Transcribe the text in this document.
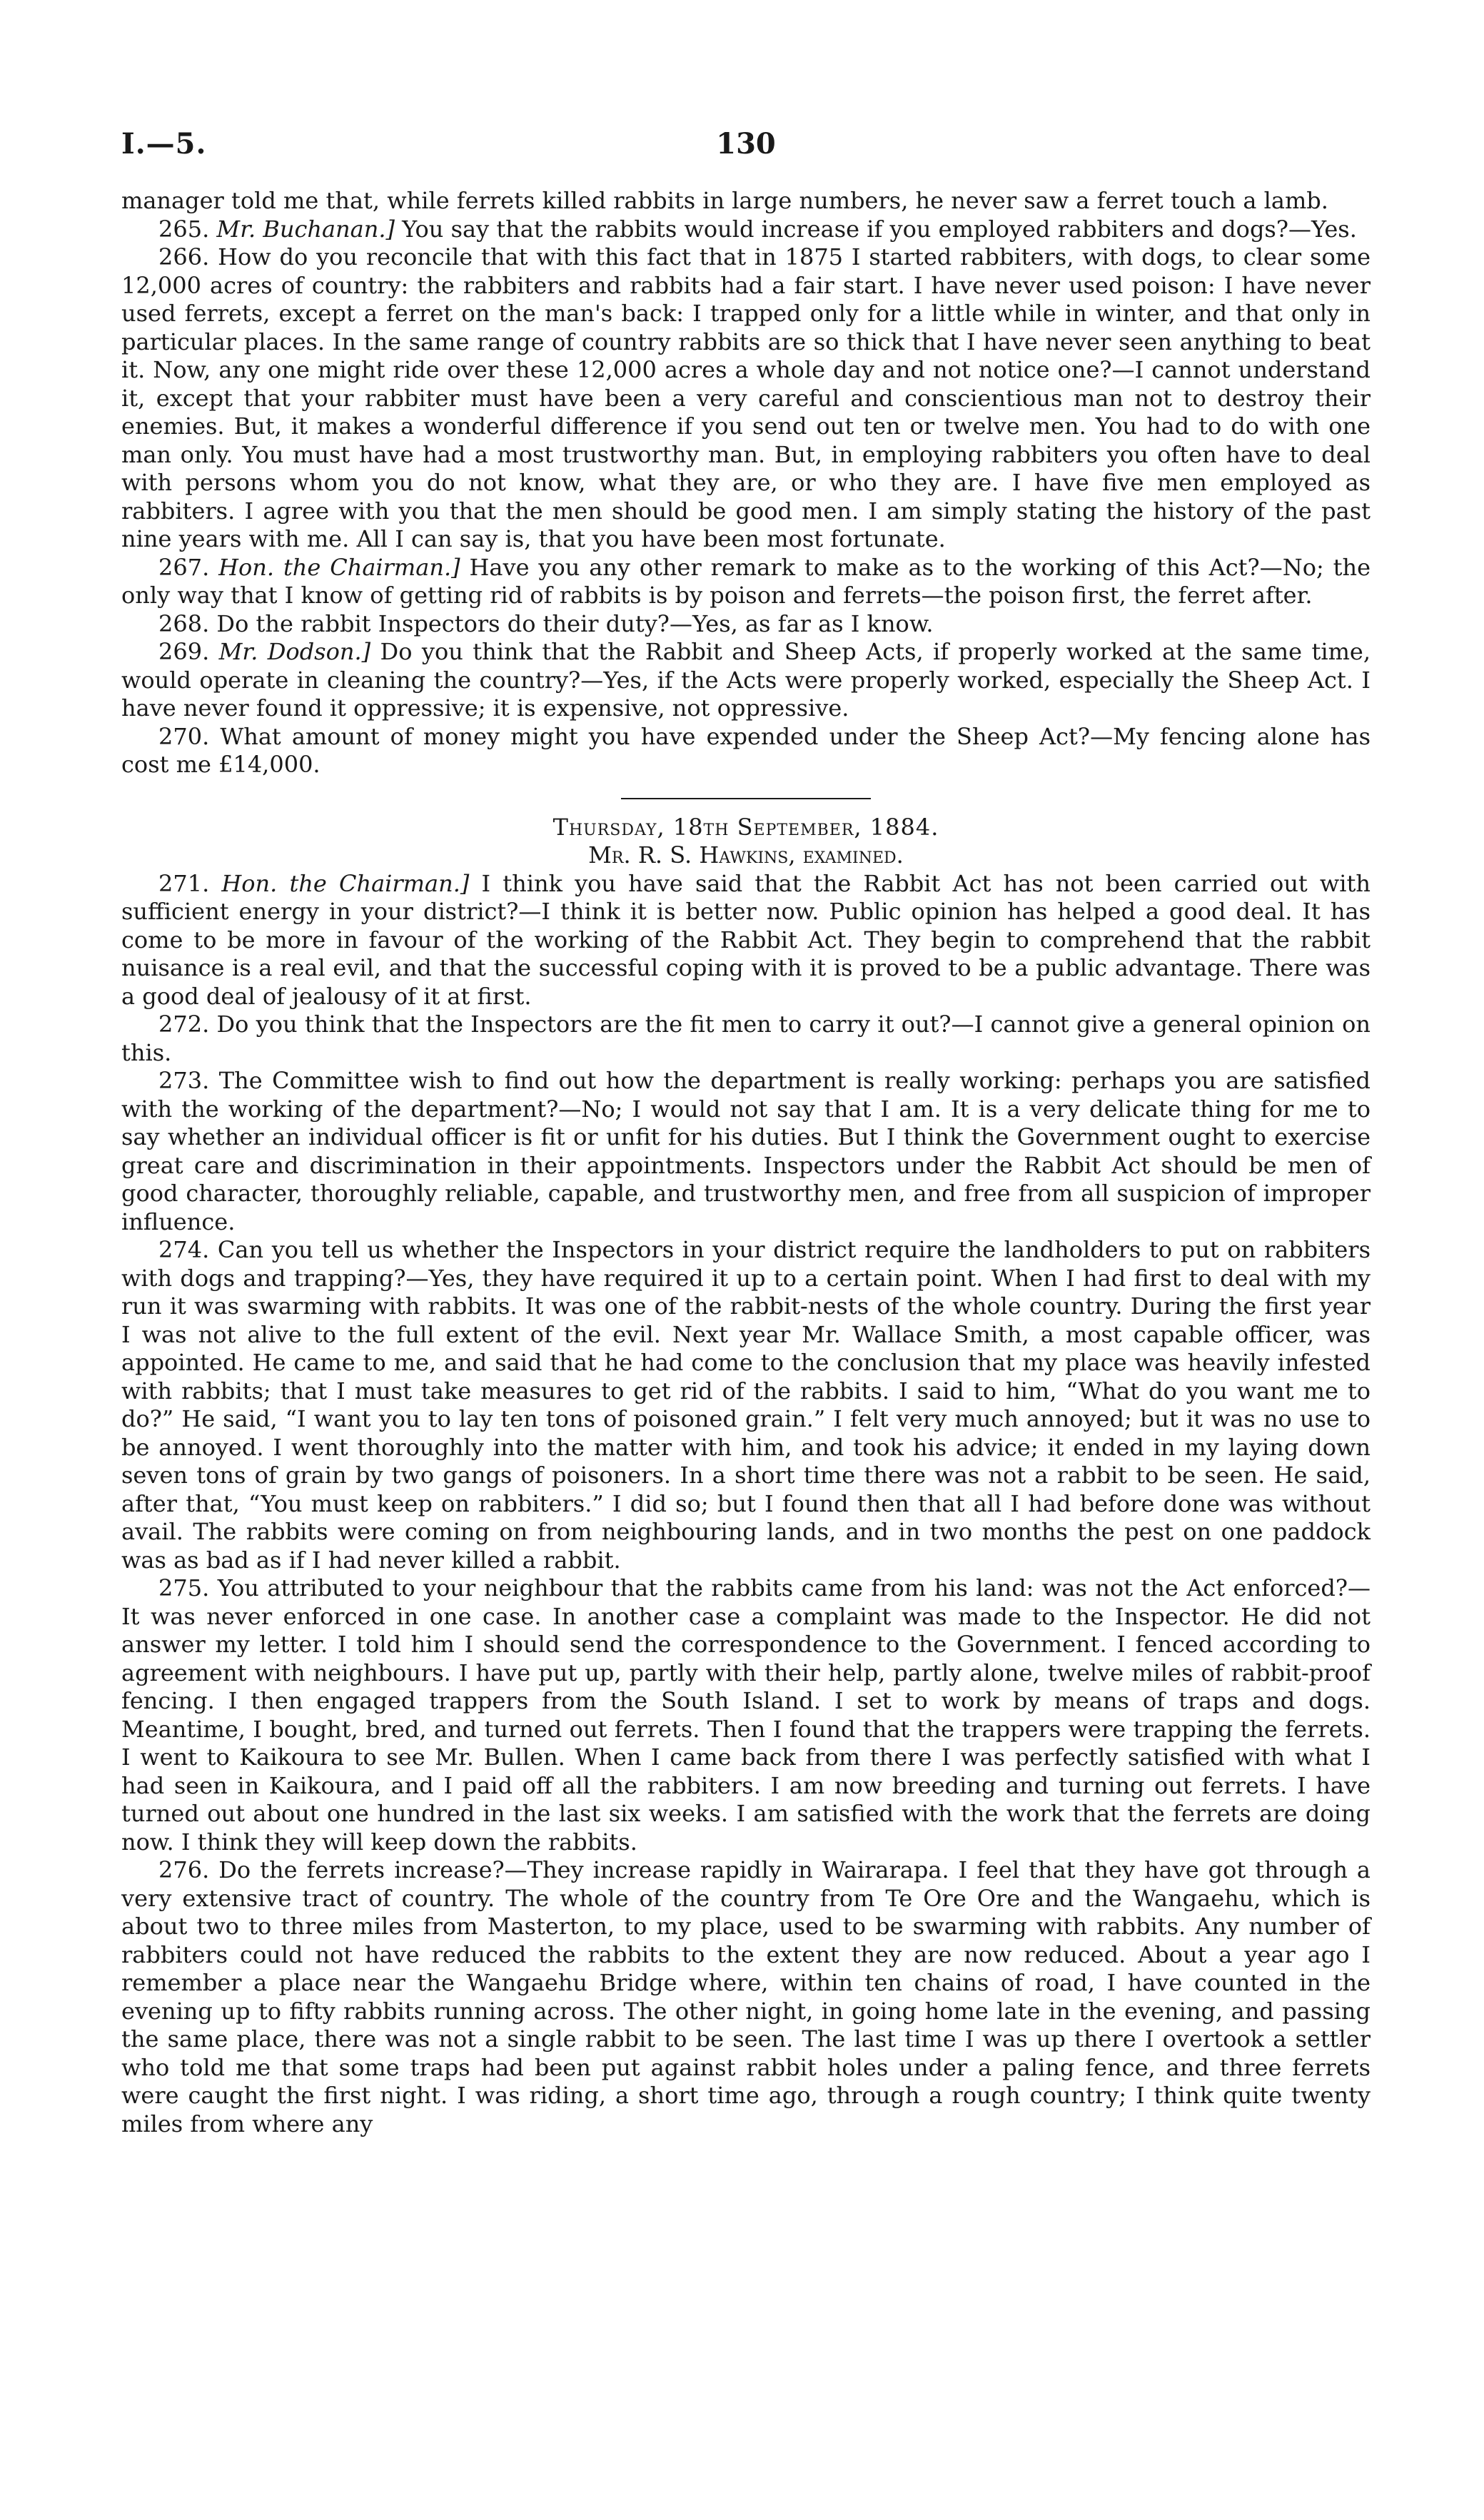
I.—5.	130

manager told me that, while ferrets killed rabbits in large numbers, he never saw a ferret touch a lamb.

265. Mr. Buchanan.] You say that the rabbits would increase if you employed rabbiters and dogs?—Yes.

266. How do you reconcile that with this fact that in 1875 I started rabbiters, with dogs, to clear some 12,000 acres of country: the rabbiters and rabbits had a fair start. I have never used poison: I have never used ferrets, except a ferret on the man's back: I trapped only for a little while in winter, and that only in particular places. In the same range of country rabbits are so thick that I have never seen anything to beat it. Now, any one might ride over these 12,000 acres a whole day and not notice one?—I cannot understand it, except that your rabbiter must have been a very careful and conscientious man not to destroy their enemies. But, it makes a wonderful difference if you send out ten or twelve men. You had to do with one man only. You must have had a most trustworthy man. But, in employing rabbiters you often have to deal with persons whom you do not know, what they are, or who they are. I have five men employed as rabbiters. I agree with you that the men should be good men. I am simply stating the history of the past nine years with me. All I can say is, that you have been most fortunate.

267. Hon. the Chairman.] Have you any other remark to make as to the working of this Act?—No; the only way that I know of getting rid of rabbits is by poison and ferrets—the poison first, the ferret after.

268. Do the rabbit Inspectors do their duty?—Yes, as far as I know.

269. Mr. Dodson.] Do you think that the Rabbit and Sheep Acts, if properly worked at the same time, would operate in cleaning the country?—Yes, if the Acts were properly worked, especially the Sheep Act. I have never found it oppressive; it is expensive, not oppressive.

270. What amount of money might you have expended under the Sheep Act?—My fencing alone has cost me £14,000.

Thursday, 18th September, 1884.

Mr. R. S. Hawkins, examined.

271. Hon. the Chairman.] I think you have said that the Rabbit Act has not been carried out with sufficient energy in your district?—I think it is better now. Public opinion has helped a good deal. It has come to be more in favour of the working of the Rabbit Act. They begin to comprehend that the rabbit nuisance is a real evil, and that the successful coping with it is proved to be a public advantage. There was a good deal of jealousy of it at first.

272. Do you think that the Inspectors are the fit men to carry it out?—I cannot give a general opinion on this.

273. The Committee wish to find out how the department is really working: perhaps you are satisfied with the working of the department?—No; I would not say that I am. It is a very delicate thing for me to say whether an individual officer is fit or unfit for his duties. But I think the Government ought to exercise great care and discrimination in their appointments. Inspectors under the Rabbit Act should be men of good character, thoroughly reliable, capable, and trustworthy men, and free from all suspicion of improper influence.

274. Can you tell us whether the Inspectors in your district require the landholders to put on rabbiters with dogs and trapping?—Yes, they have required it up to a certain point. When I had first to deal with my run it was swarming with rabbits. It was one of the rabbit-nests of the whole country. During the first year I was not alive to the full extent of the evil. Next year Mr. Wallace Smith, a most capable officer, was appointed. He came to me, and said that he had come to the conclusion that my place was heavily infested with rabbits; that I must take measures to get rid of the rabbits. I said to him, “What do you want me to do?” He said, “I want you to lay ten tons of poisoned grain.” I felt very much annoyed; but it was no use to be annoyed. I went thoroughly into the matter with him, and took his advice; it ended in my laying down seven tons of grain by two gangs of poisoners. In a short time there was not a rabbit to be seen. He said, after that, “You must keep on rabbiters.” I did so; but I found then that all I had before done was without avail. The rabbits were coming on from neighbouring lands, and in two months the pest on one paddock was as bad as if I had never killed a rabbit.

275. You attributed to your neighbour that the rabbits came from his land: was not the Act enforced?—It was never enforced in one case. In another case a complaint was made to the Inspector. He did not answer my letter. I told him I should send the correspondence to the Government. I fenced according to agreement with neighbours. I have put up, partly with their help, partly alone, twelve miles of rabbit-proof fencing. I then engaged trappers from the South Island. I set to work by means of traps and dogs. Meantime, I bought, bred, and turned out ferrets. Then I found that the trappers were trapping the ferrets. I went to Kaikoura to see Mr. Bullen. When I came back from there I was perfectly satisfied with what I had seen in Kaikoura, and I paid off all the rabbiters. I am now breeding and turning out ferrets. I have turned out about one hundred in the last six weeks. I am satisfied with the work that the ferrets are doing now. I think they will keep down the rabbits.

276. Do the ferrets increase?—They increase rapidly in Wairarapa. I feel that they have got through a very extensive tract of country. The whole of the country from Te Ore Ore and the Wangaehu, which is about two to three miles from Masterton, to my place, used to be swarming with rabbits. Any number of rabbiters could not have reduced the rabbits to the extent they are now reduced. About a year ago I remember a place near the Wangaehu Bridge where, within ten chains of road, I have counted in the evening up to fifty rabbits running across. The other night, in going home late in the evening, and passing the same place, there was not a single rabbit to be seen. The last time I was up there I overtook a settler who told me that some traps had been put against rabbit holes under a paling fence, and three ferrets were caught the first night. I was riding, a short time ago, through a rough country; I think quite twenty miles from where any
